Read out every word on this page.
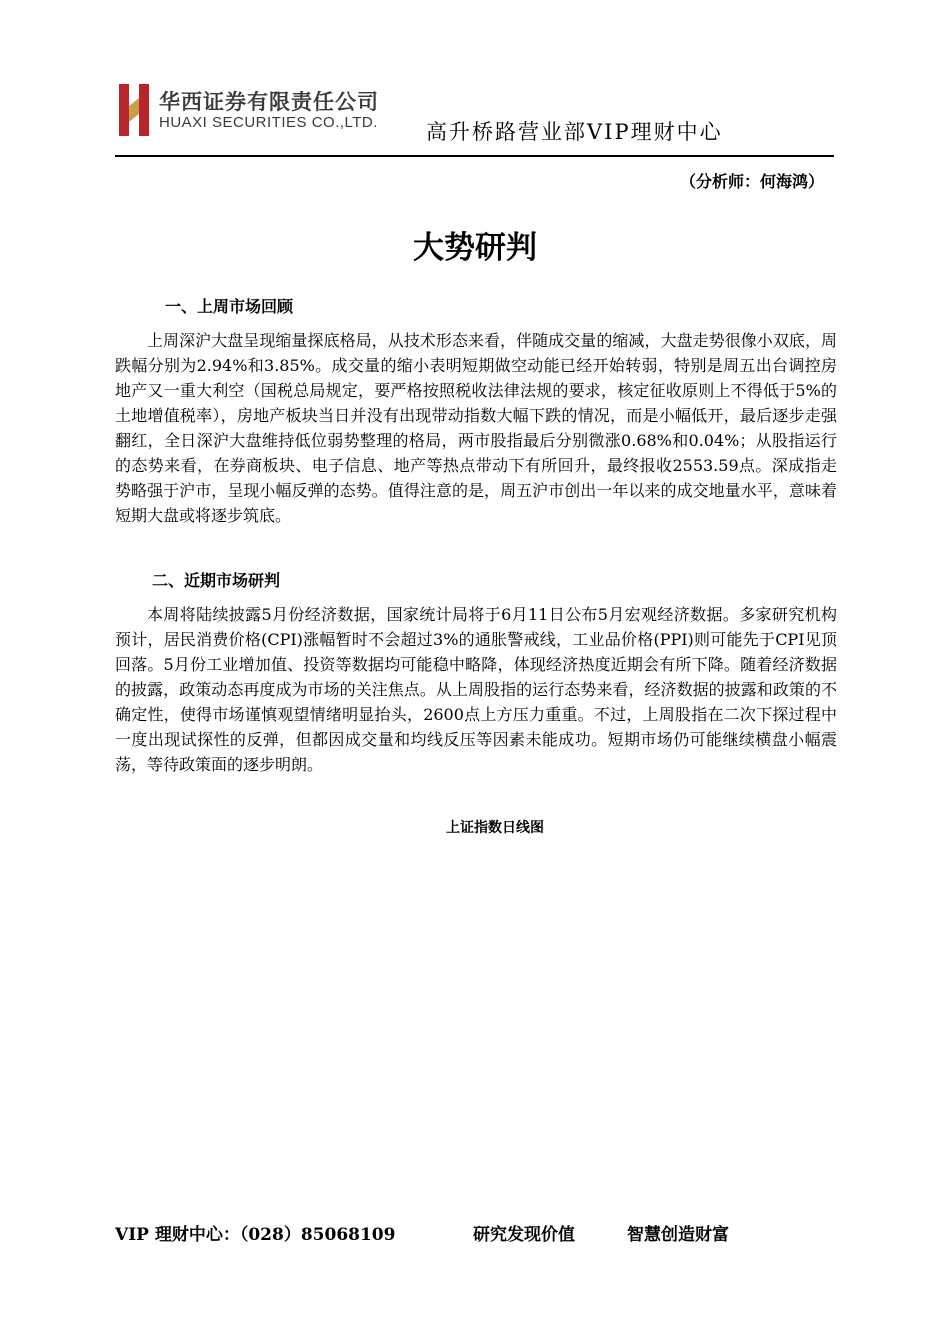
华西证券有限责任公司
HUAXI SECURITIES CO.,LTD. 高升桥路营业部VIP理财中心
（分析师：何海鸿）
大势研判
一、上周市场回顾

上周深沪大盘呈现缩量探底格局，从技术形态来看，伴随成交量的缩减，大盘走势很像小双底，周跌幅分别为2.94%和3.85%。成交量的缩小表明短期做空动能已经开始转弱，特别是周五出台调控房地产又一重大利空（国税总局规定，要严格按照税收法律法规的要求，核定征收原则上不得低于5%的土地增值税率），房地产板块当日并没有出现带动指数大幅下跌的情况，而是小幅低开，最后逐步走强翻红，全日深沪大盘维持低位弱势整理的格局，两市股指最后分别微涨0.68%和0.04%；从股指运行的态势来看，在券商板块、电子信息、地产等热点带动下有所回升，最终报收2553.59点。深成指走势略强于沪市，呈现小幅反弹的态势。值得注意的是，周五沪市创出一年以来的成交地量水平，意味着短期大盘或将逐步筑底。

二、近期市场研判

本周将陆续披露5月份经济数据，国家统计局将于6月11日公布5月宏观经济数据。多家研究机构预计，居民消费价格(CPI)涨幅暂时不会超过3%的通胀警戒线，工业品价格(PPI)则可能先于CPI见顶回落。5月份工业增加值、投资等数据均可能稳中略降，体现经济热度近期会有所下降。随着经济数据的披露，政策动态再度成为市场的关注焦点。从上周股指的运行态势来看，经济数据的披露和政策的不确定性，使得市场谨慎观望情绪明显抬头，2600点上方压力重重。不过，上周股指在二次下探过程中一度出现试探性的反弹，但都因成交量和均线反压等因素未能成功。短期市场仍可能继续横盘小幅震荡，等待政策面的逐步明朗。

上证指数日线图
VIP 理财中心：（028）85068109	研究发现价值	智慧创造财富
